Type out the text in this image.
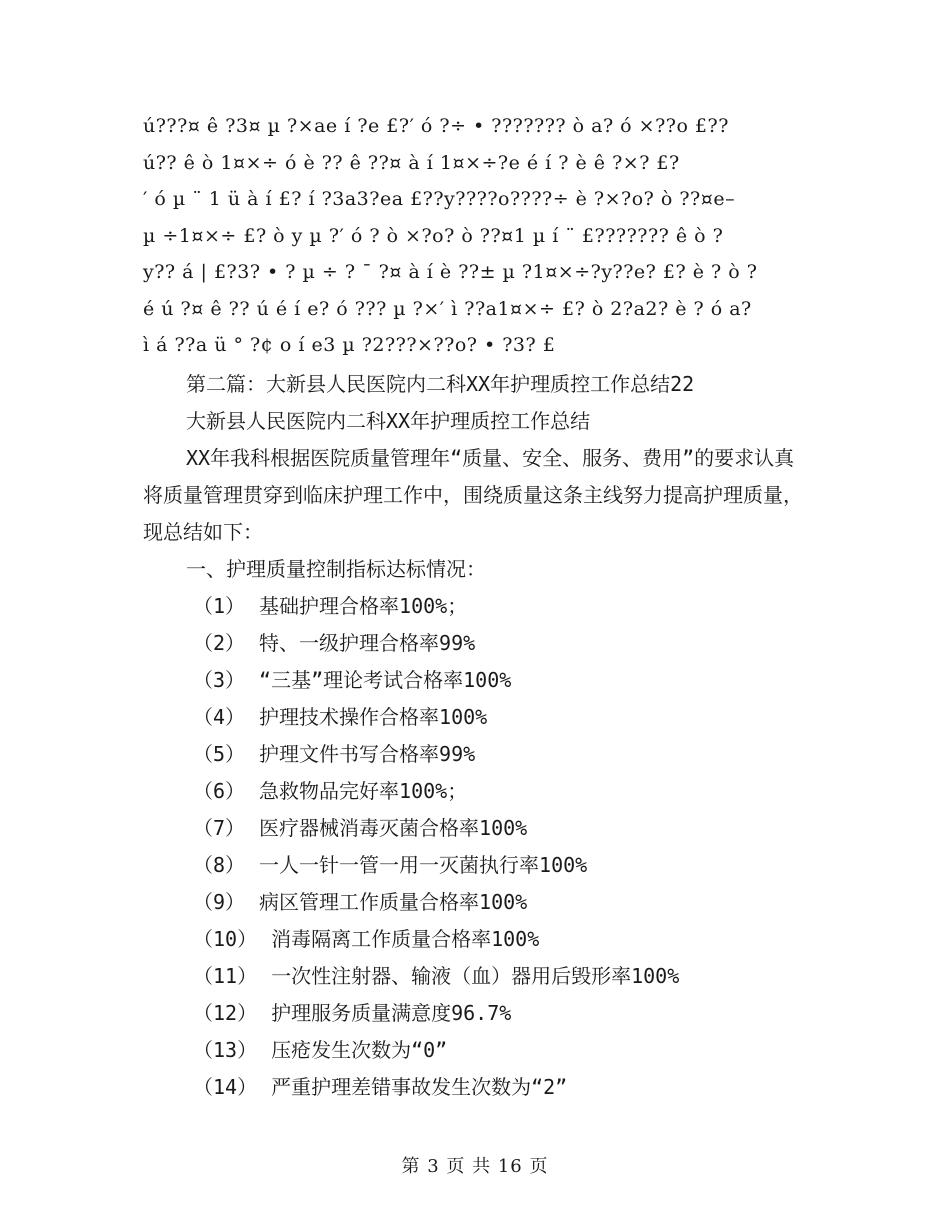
ú???¤ ê ?3¤ µ ?×ae í ?e £?′ ó ?÷ • ??????? ò a? ó ×??o £??
ú?? ê ò 1¤×÷ ó è ?? ê ??¤ à í 1¤×÷?e é í ? è ê ?×? £?
′ ó µ ¨ 1 ü à í £? í ?3a3?ea £??y????o????÷ è ?×?o? ò ??¤e–
µ ÷1¤×÷ £? ò y µ ?′ ó ? ò ×?o? ò ??¤1 µ í ¨ £??????? ê ò ?
y?? á | £?3? • ? µ ÷ ? ¯ ?¤ à í è ??± µ ?1¤×÷?y??e? £? è ? ò ?
é ú ?¤ ê ?? ú é í e? ó ??? µ ?×′ ì ??a1¤×÷ £? ò 2?a2? è ? ó a?
ì á ??a ü ° ?¢ o í e3 µ ?2???×??o? • ?3? £

第二篇：大新县人民医院内二科XX年护理质控工作总结22

大新县人民医院内二科XX年护理质控工作总结

XX年我科根据医院质量管理年“质量、安全、服务、费用”的要求认真将质量管理贯穿到临床护理工作中，围绕质量这条主线努力提高护理质量，现总结如下：

一、护理质量控制指标达标情况：

（1） 基础护理合格率100%；
（2） 特、一级护理合格率99%
（3） “三基”理论考试合格率100%
（4） 护理技术操作合格率100%
（5） 护理文件书写合格率99%
（6） 急救物品完好率100%；
（7） 医疗器械消毒灭菌合格率100%
（8） 一人一针一管一用一灭菌执行率100%
（9） 病区管理工作质量合格率100%
（10） 消毒隔离工作质量合格率100%
（11） 一次性注射器、输液（血）器用后毁形率100%
（12） 护理服务质量满意度96.7%
（13） 压疮发生次数为“0”
（14） 严重护理差错事故发生次数为“2”
第 3 页 共 16 页
